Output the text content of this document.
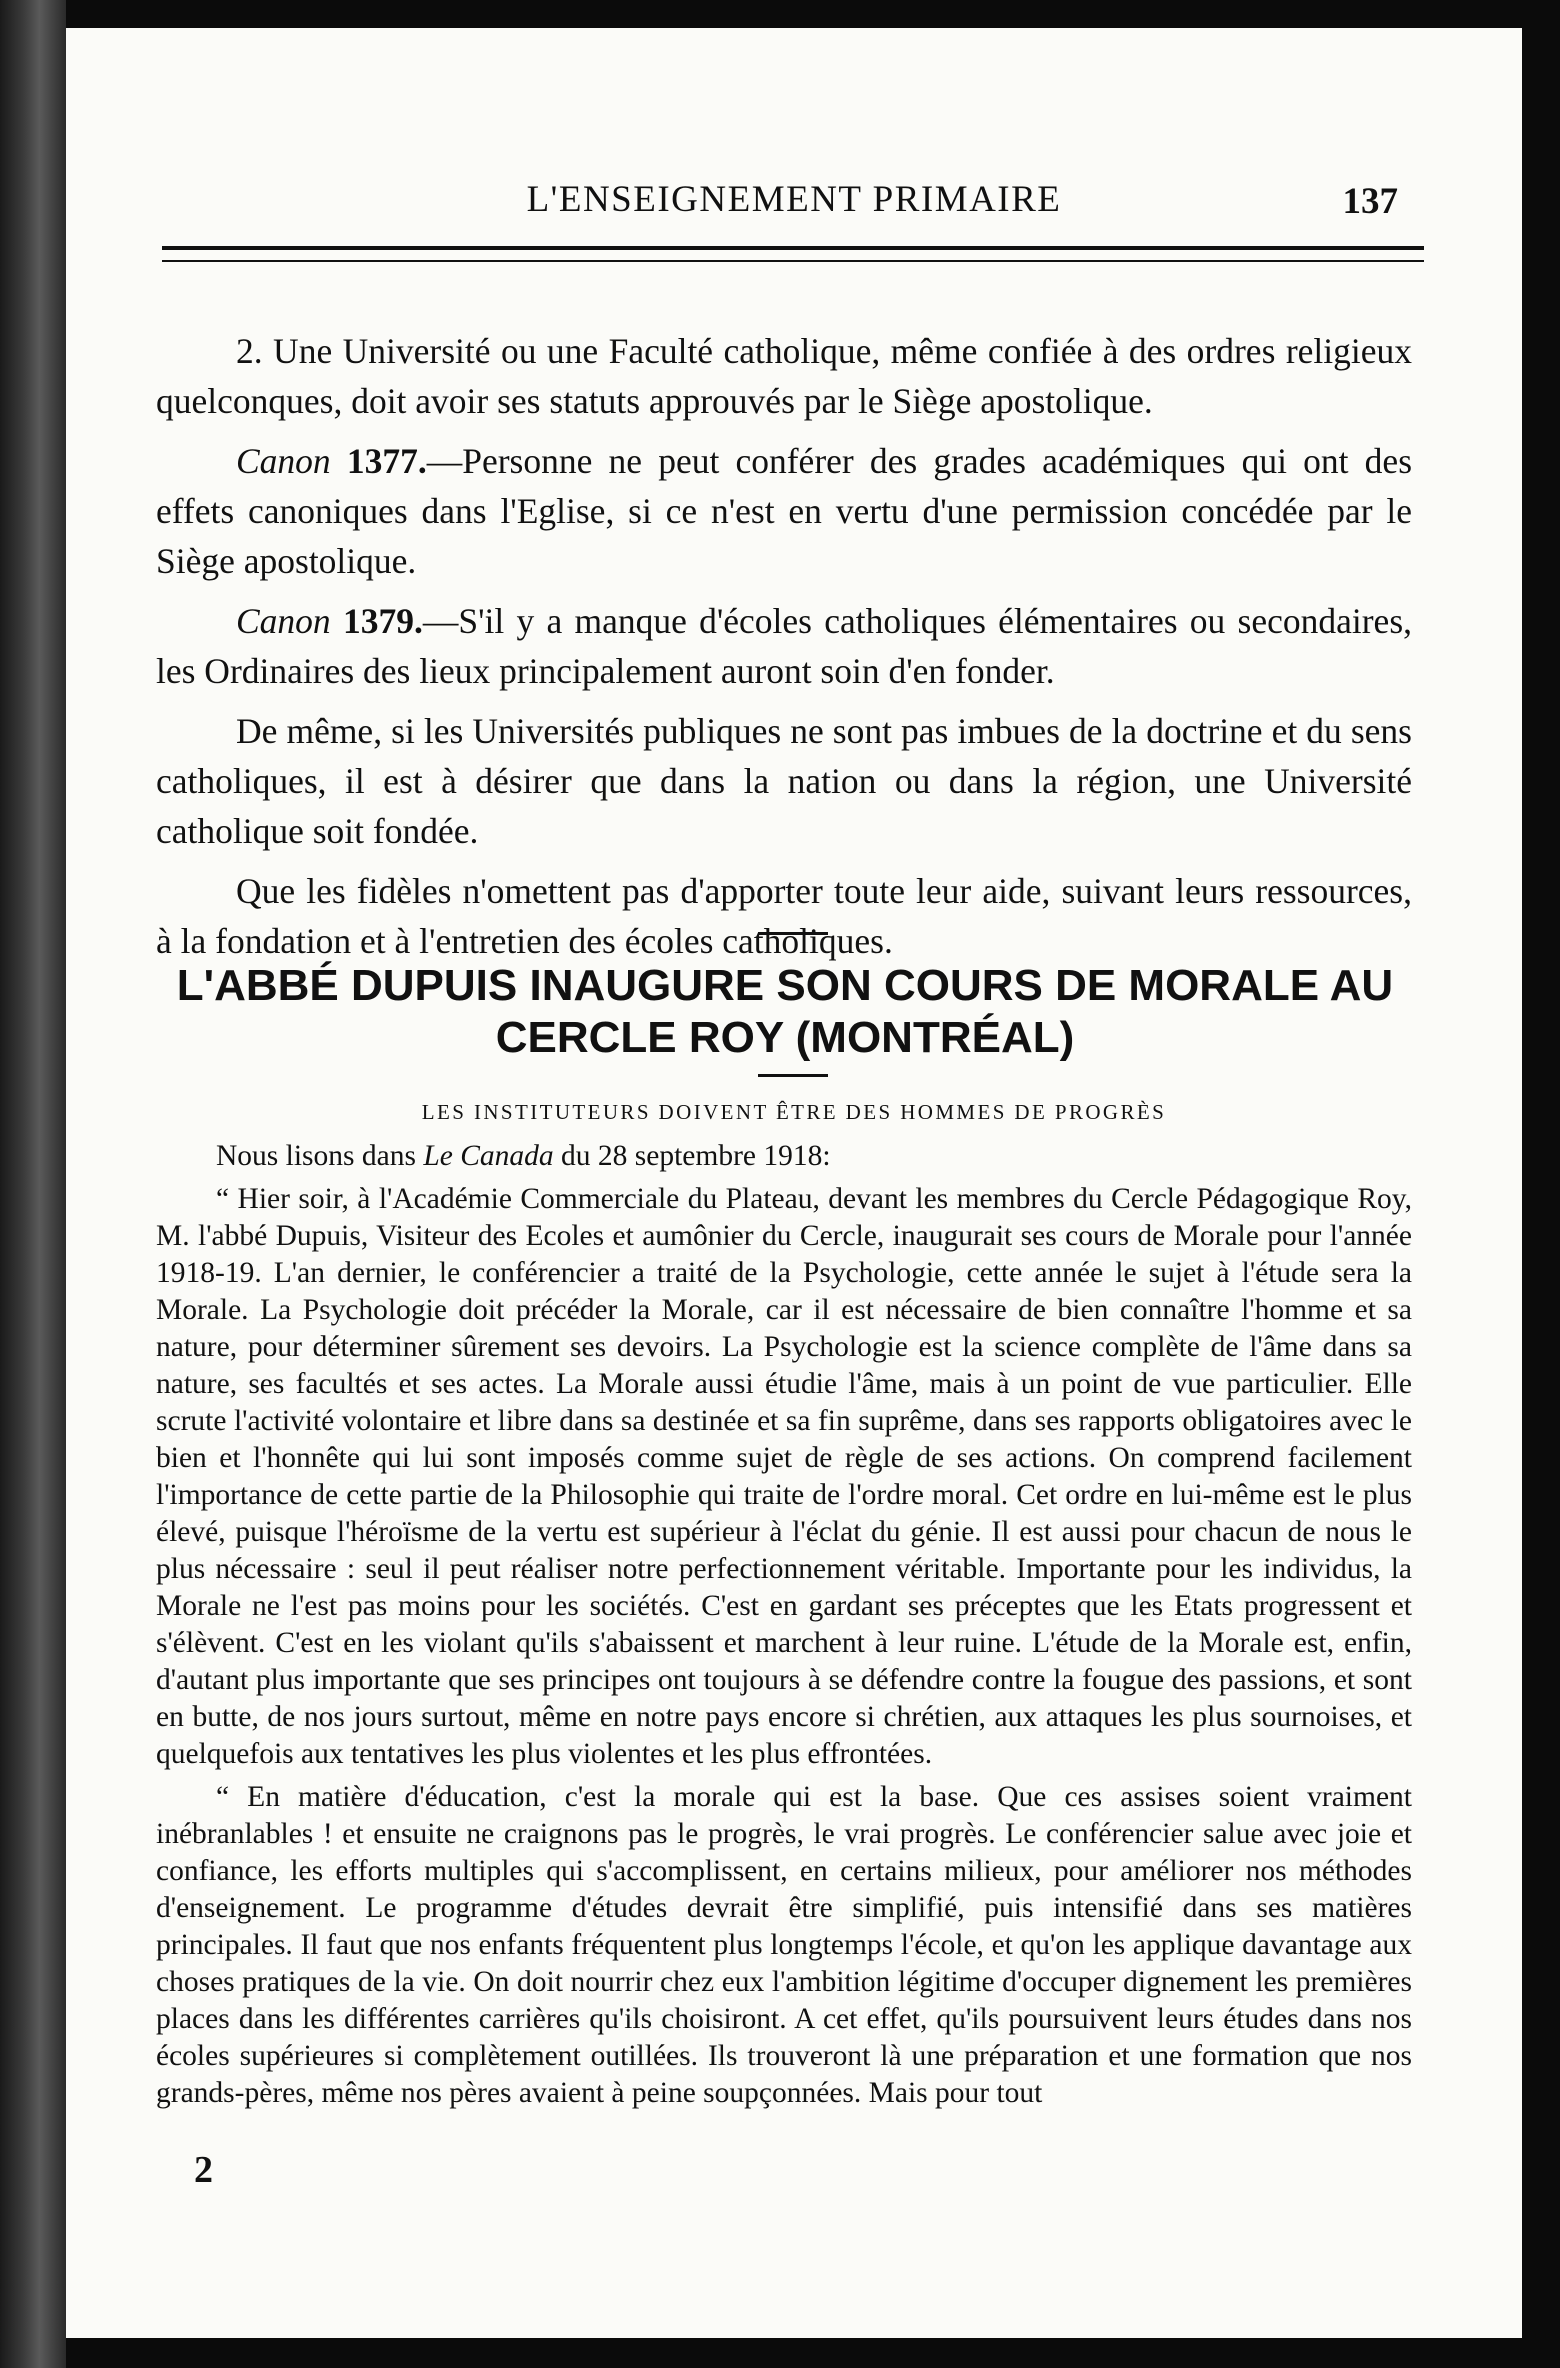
L'ENSEIGNEMENT PRIMAIRE	137

2. Une Université ou une Faculté catholique, même confiée à des ordres religieux quelconques, doit avoir ses statuts approuvés par le Siège apostolique.

Canon 1377.—Personne ne peut conférer des grades académiques qui ont des effets canoniques dans l'Eglise, si ce n'est en vertu d'une permission concédée par le Siège apostolique.

Canon 1379.—S'il y a manque d'écoles catholiques élémentaires ou secondaires, les Ordinaires des lieux principalement auront soin d'en fonder.

De même, si les Universités publiques ne sont pas imbues de la doctrine et du sens catholiques, il est à désirer que dans la nation ou dans la région, une Université catholique soit fondée.

Que les fidèles n'omettent pas d'apporter toute leur aide, suivant leurs ressources, à la fondation et à l'entretien des écoles catholiques.

L'ABBÉ DUPUIS INAUGURE SON COURS DE MORALE AU CERCLE ROY (MONTRÉAL)
LES INSTITUTEURS DOIVENT ÊTRE DES HOMMES DE PROGRÈS

Nous lisons dans Le Canada du 28 septembre 1918:

“ Hier soir, à l'Académie Commerciale du Plateau, devant les membres du Cercle Pédagogique Roy, M. l'abbé Dupuis, Visiteur des Ecoles et aumônier du Cercle, inaugurait ses cours de Morale pour l'année 1918-19. L'an dernier, le conférencier a traité de la Psychologie, cette année le sujet à l'étude sera la Morale. La Psychologie doit précéder la Morale, car il est nécessaire de bien connaître l'homme et sa nature, pour déterminer sûrement ses devoirs. La Psychologie est la science complète de l'âme dans sa nature, ses facultés et ses actes. La Morale aussi étudie l'âme, mais à un point de vue particulier. Elle scrute l'activité volontaire et libre dans sa destinée et sa fin suprême, dans ses rapports obligatoires avec le bien et l'honnête qui lui sont imposés comme sujet de règle de ses actions. On comprend facilement l'importance de cette partie de la Philosophie qui traite de l'ordre moral. Cet ordre en lui-même est le plus élevé, puisque l'héroïsme de la vertu est supérieur à l'éclat du génie. Il est aussi pour chacun de nous le plus nécessaire : seul il peut réaliser notre perfectionnement véritable. Importante pour les individus, la Morale ne l'est pas moins pour les sociétés. C'est en gardant ses préceptes que les Etats progressent et s'élèvent. C'est en les violant qu'ils s'abaissent et marchent à leur ruine. L'étude de la Morale est, enfin, d'autant plus importante que ses principes ont toujours à se défendre contre la fougue des passions, et sont en butte, de nos jours surtout, même en notre pays encore si chrétien, aux attaques les plus sournoises, et quelquefois aux tentatives les plus violentes et les plus effrontées.

“ En matière d'éducation, c'est la morale qui est la base. Que ces assises soient vraiment inébranlables ! et ensuite ne craignons pas le progrès, le vrai progrès. Le conférencier salue avec joie et confiance, les efforts multiples qui s'accomplissent, en certains milieux, pour améliorer nos méthodes d'enseignement. Le programme d'études devrait être simplifié, puis intensifié dans ses matières principales. Il faut que nos enfants fréquentent plus longtemps l'école, et qu'on les applique davantage aux choses pratiques de la vie. On doit nourrir chez eux l'ambition légitime d'occuper dignement les premières places dans les différentes carrières qu'ils choisiront. A cet effet, qu'ils poursuivent leurs études dans nos écoles supérieures si complètement outillées. Ils trouveront là une préparation et une formation que nos grands-pères, même nos pères avaient à peine soupçonnées. Mais pour tout

2
